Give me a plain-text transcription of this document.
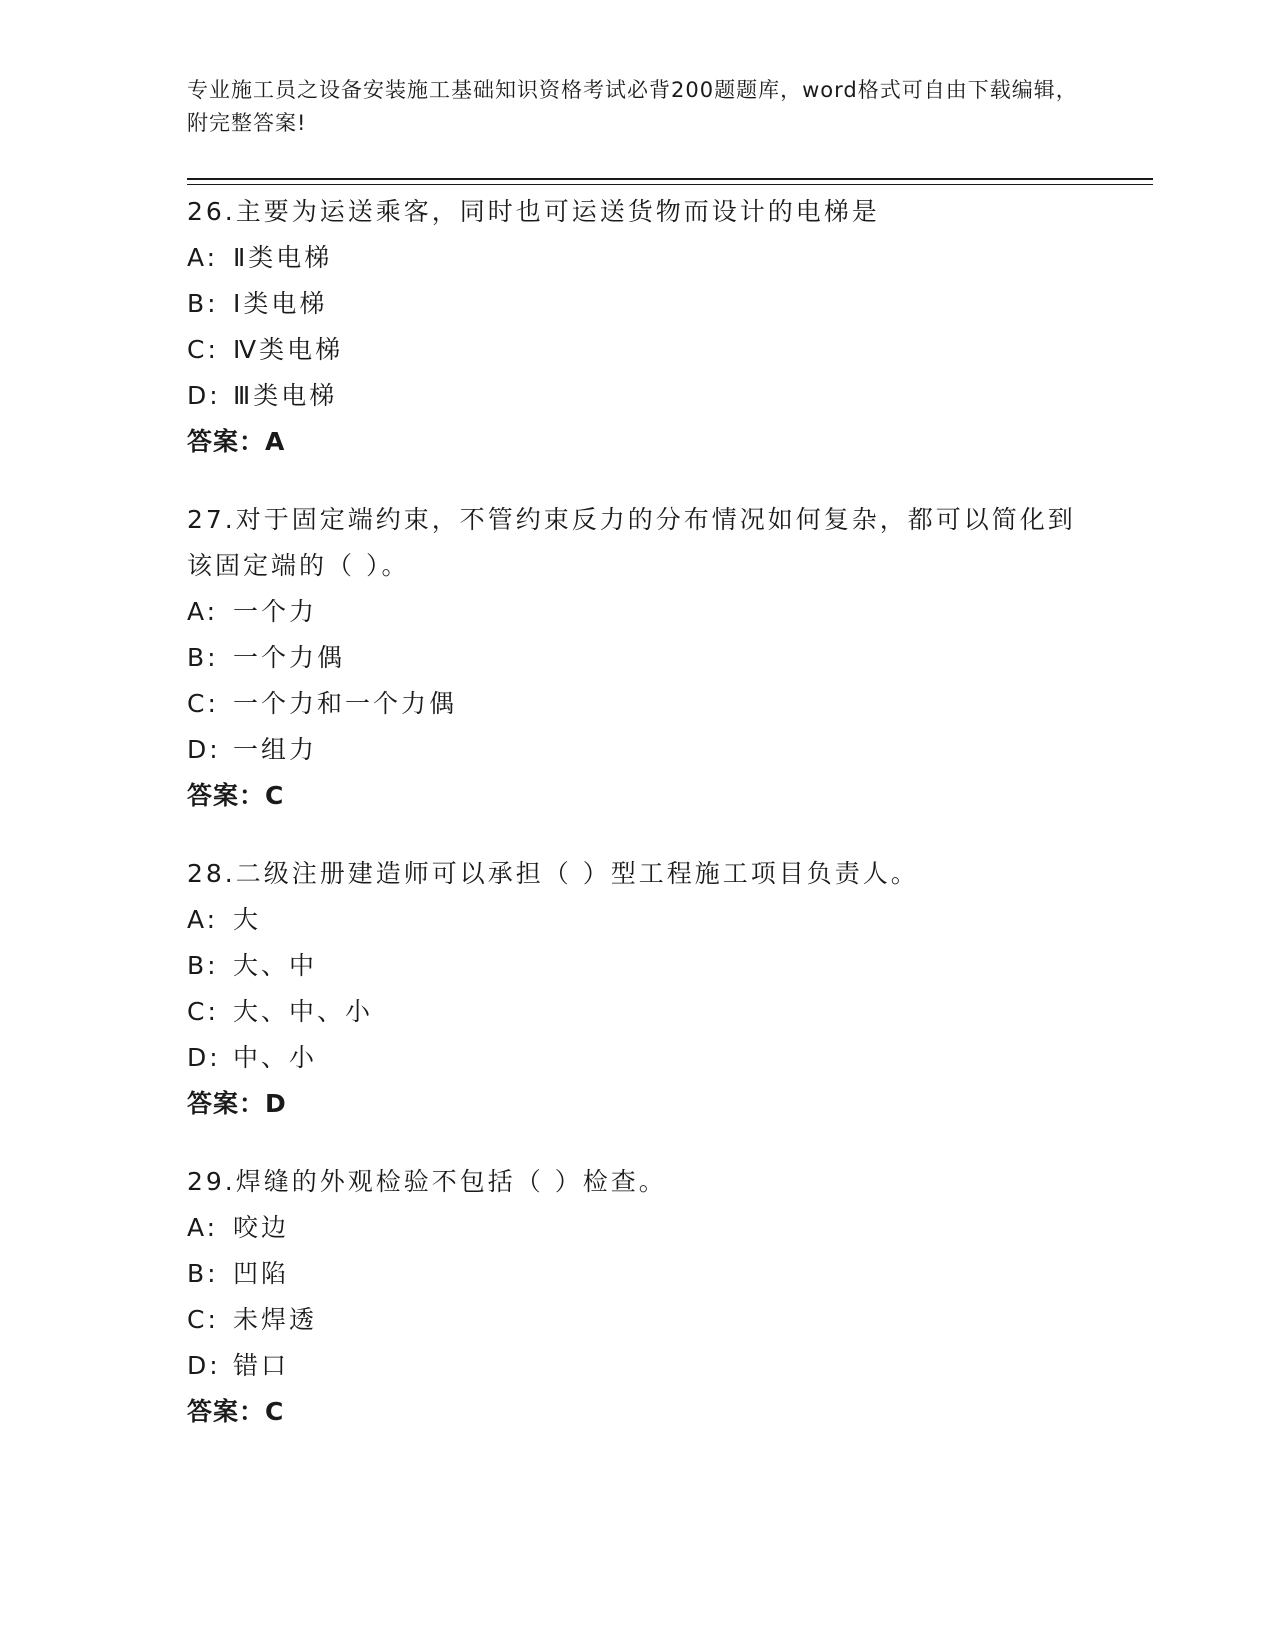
专业施工员之设备安装施工基础知识资格考试必背200题题库，word格式可自由下载编辑，附完整答案!
26.主要为运送乘客，同时也可运送货物而设计的电梯是
A: Ⅱ类电梯
B: Ⅰ类电梯
C: Ⅳ类电梯
D: Ⅲ类电梯
答案：A
27.对于固定端约束，不管约束反力的分布情况如何复杂，都可以简化到该固定端的（ ）。
A: 一个力
B: 一个力偶
C: 一个力和一个力偶
D: 一组力
答案：C
28.二级注册建造师可以承担（ ）型工程施工项目负责人。
A: 大
B: 大、中
C: 大、中、小
D: 中、小
答案：D
29.焊缝的外观检验不包括（ ）检查。
A: 咬边
B: 凹陷
C: 未焊透
D: 错口
答案：C
